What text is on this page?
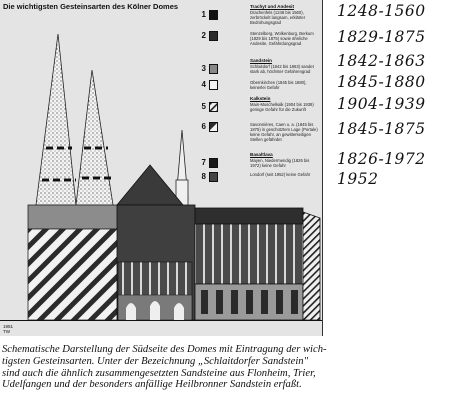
Die wichtigsten Gesteinsarten des Kölner Domes	Trachyt und Andesit
Sandstein
Kalkstein
Basaltlava
1	Drachenfels (1248 bis 1560), zerbröckelt langsam, erklärter Bedrohungsgrad
2	Stenzelberg, Wolkenburg, Berkum (1829 bis 1875) sowie ähnliche Andesite, Gefährdungsgrad
3	Schlaitdorf (1842 bis 1863) sandet stark ab, höchster Gefahrengrad
4	Obernkirchen (1845 bis 1880), keinerlei Gefahr
5	Main-Muschelkalk (1904 bis 1939) geringe Gefahr für die Zukunft
6	Savonnières, Caen u. a. (1845 bis 1875) in geschütztem Lage (Portale) keine Gefahr, an gewitterseitigen Stellen gefährdet
7	Mayen, Niedermendig (1826 bis 1972) keine Gefahr
8	Londorf (seit 1952) keine Gefahr
1951
TW
1248-1560
1829-1875
1842-1863
1845-1880
1904-1939
1845-1875
1826-1972
1952
Schematische Darstellung der Südseite des Domes mit Eintragung der wich-
tigsten Gesteinsarten. Unter der Bezeichnung „Schlaitdorfer Sandstein"
sind auch die ähnlich zusammengesetzten Sandsteine aus Flonheim, Trier,
Udelfangen und der besonders anfällige Heilbronner Sandstein erfaßt.
